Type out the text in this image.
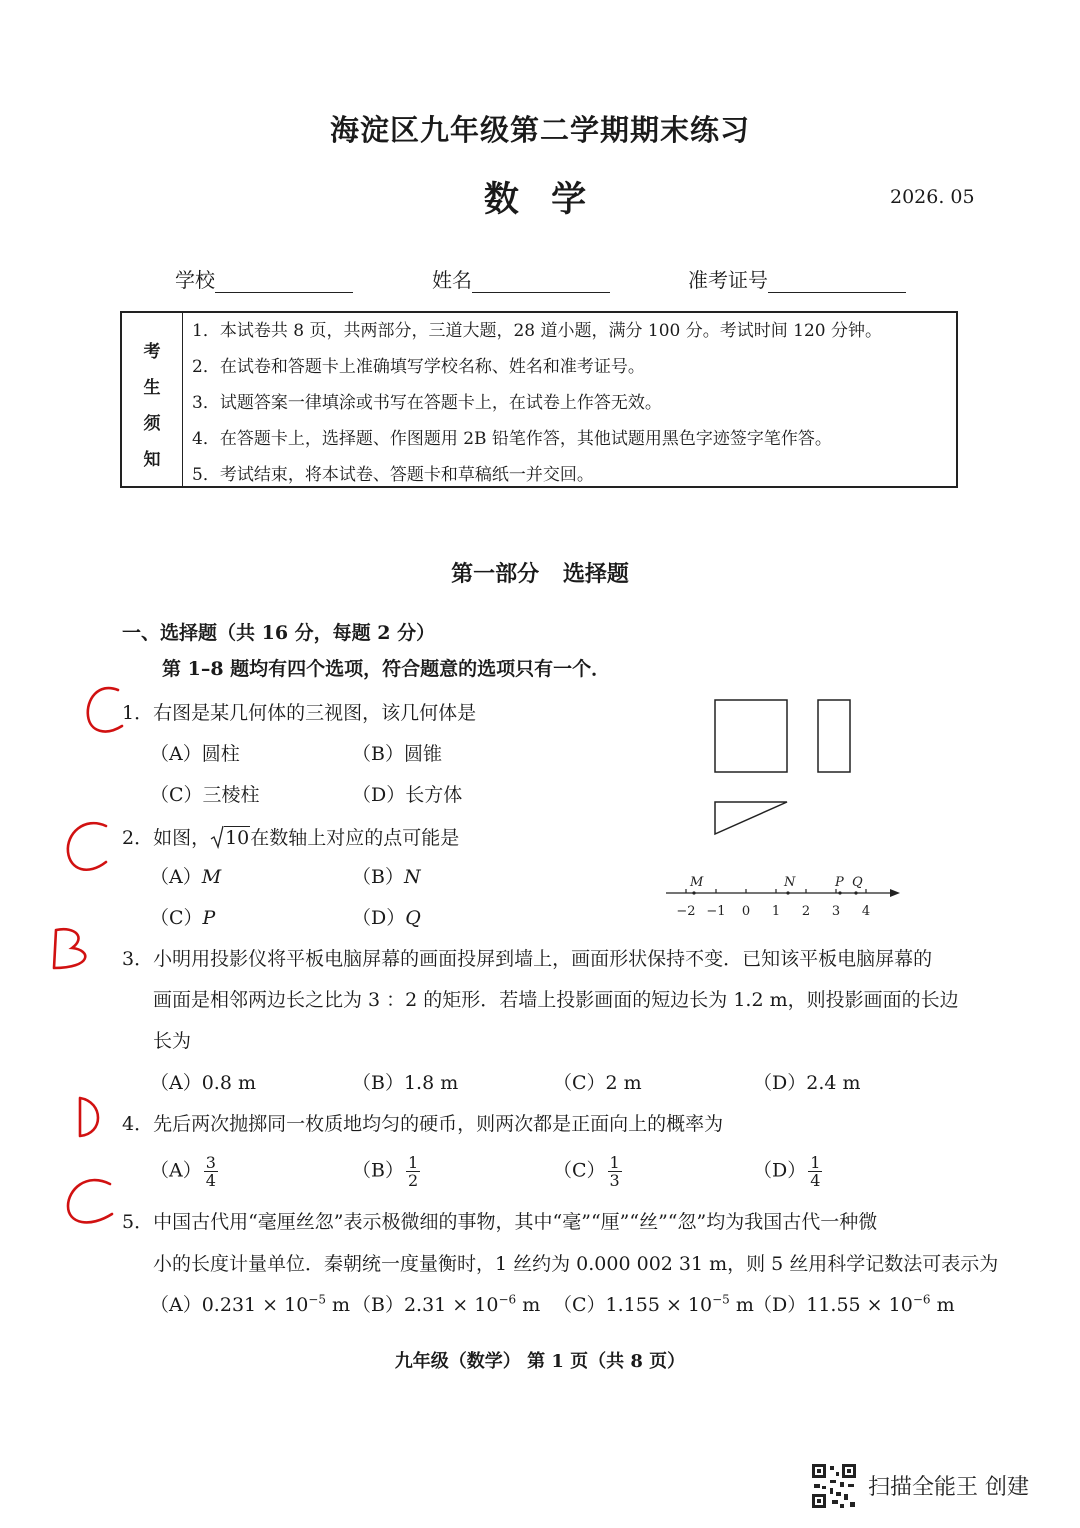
海淀区九年级第二学期期末练习
数 学	2026. 05
学校	姓名	准考证号
考
生
须
知
1．本试卷共 8 页，共两部分，三道大题，28 道小题，满分 100 分。考试时间 120 分钟。
2．在试卷和答题卡上准确填写学校名称、姓名和准考证号。
3．试题答案一律填涂或书写在答题卡上，在试卷上作答无效。
4．在答题卡上，选择题、作图题用 2B 铅笔作答，其他试题用黑色字迹签字笔作答。
5．考试结束，将本试卷、答题卡和草稿纸一并交回。
第一部分 选择题
一、选择题（共 16 分，每题 2 分）
第 1–8 题均有四个选项，符合题意的选项只有一个．
1．右图是某几何体的三视图，该几何体是
（A）圆柱	（B）圆锥
（C）三棱柱	（D）长方体
2．如图， 10在数轴上对应的点可能是
（A）M	（B）N
（C）P	（D）Q
M	N	P Q
−2 −1 0 1 2 3 4
3．小明用投影仪将平板电脑屏幕的画面投屏到墙上，画面形状保持不变．已知该平板电脑屏幕的
画面是相邻两边长之比为 3 ：2 的矩形．若墙上投影画面的短边长为 1.2 m，则投影画面的长边
长为
（A）0.8 m	（B）1.8 m	（C）2 m	（D）2.4 m
4．先后两次抛掷同一枚质地均匀的硬币，则两次都是正面向上的概率为
$(A) \frac{3}{4}$	$(B) \frac{1}{2}$	$(C) \frac{1}{3}$	$(D) \frac{1}{4}$
5．中国古代用“毫厘丝忽”表示极微细的事物，其中“毫”“厘”“丝”“忽”均为我国古代一种微
小的长度计量单位．秦朝统一度量衡时，1 丝约为 0.000 002 31 m，则 5 丝用科学记数法可表示为
$(A)0.231 \times 10^{-5}$ m $(B)2.31 \times 10^{-6}$ m $(C)1.155 \times 10^{-5}$ m $(D)11.55 \times 10^{-6}$ m
九年级（数学） 第 1 页（共 8 页）
扫描全能王 创建
